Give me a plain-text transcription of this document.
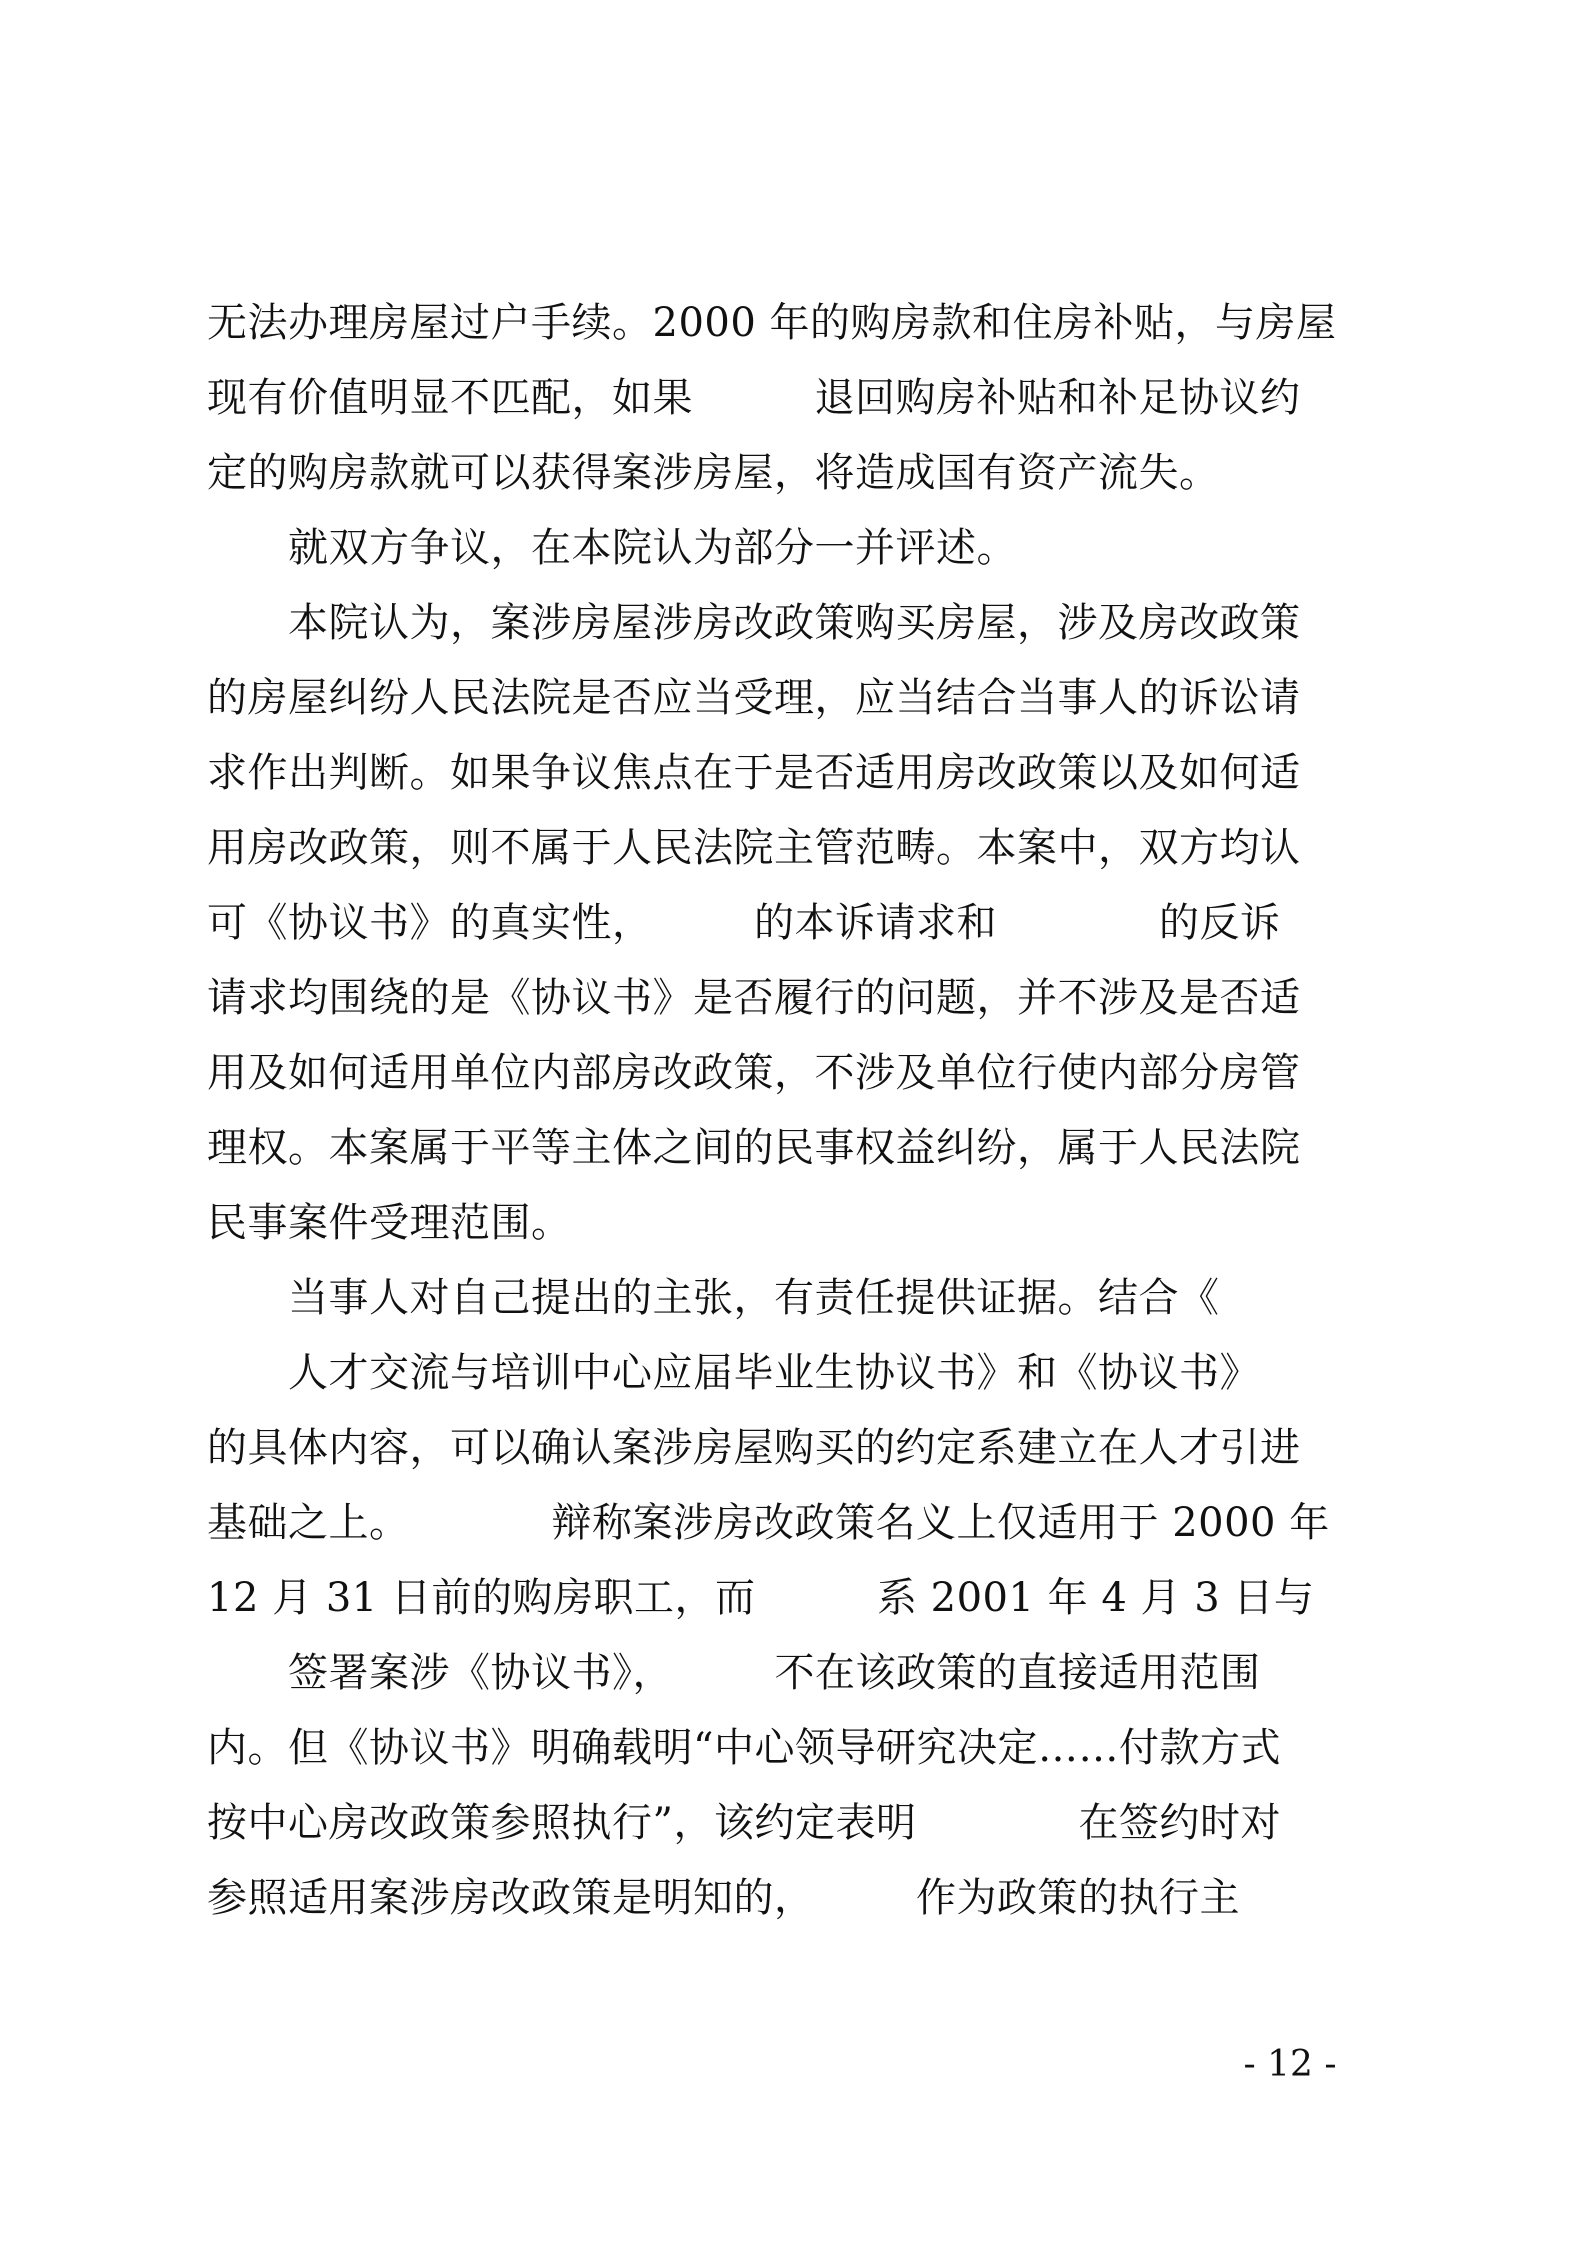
无法办理房屋过户手续。2000 年的购房款和住房补贴，与房屋
现有价值明显不匹配，如果　　　退回购房补贴和补足协议约
定的购房款就可以获得案涉房屋，将造成国有资产流失。
　　就双方争议，在本院认为部分一并评述。
　　本院认为，案涉房屋涉房改政策购买房屋，涉及房改政策
的房屋纠纷人民法院是否应当受理，应当结合当事人的诉讼请
求作出判断。如果争议焦点在于是否适用房改政策以及如何适
用房改政策，则不属于人民法院主管范畴。本案中，双方均认
可《协议书》的真实性，　　　的本诉请求和　　　　的反诉
请求均围绕的是《协议书》是否履行的问题，并不涉及是否适
用及如何适用单位内部房改政策，不涉及单位行使内部分房管
理权。本案属于平等主体之间的民事权益纠纷，属于人民法院
民事案件受理范围。
　　当事人对自己提出的主张，有责任提供证据。结合《
　　人才交流与培训中心应届毕业生协议书》和《协议书》
的具体内容，可以确认案涉房屋购买的约定系建立在人才引进
基础之上。　　　　辩称案涉房改政策名义上仅适用于 2000 年
12 月 31 日前的购房职工，而　　　系 2001 年 4 月 3 日与
　　签署案涉《协议书》，　　　不在该政策的直接适用范围
内。但《协议书》明确载明“中心领导研究决定……付款方式
按中心房改政策参照执行”，该约定表明　　　　在签约时对
参照适用案涉房改政策是明知的，　　　作为政策的执行主
- 12 -
